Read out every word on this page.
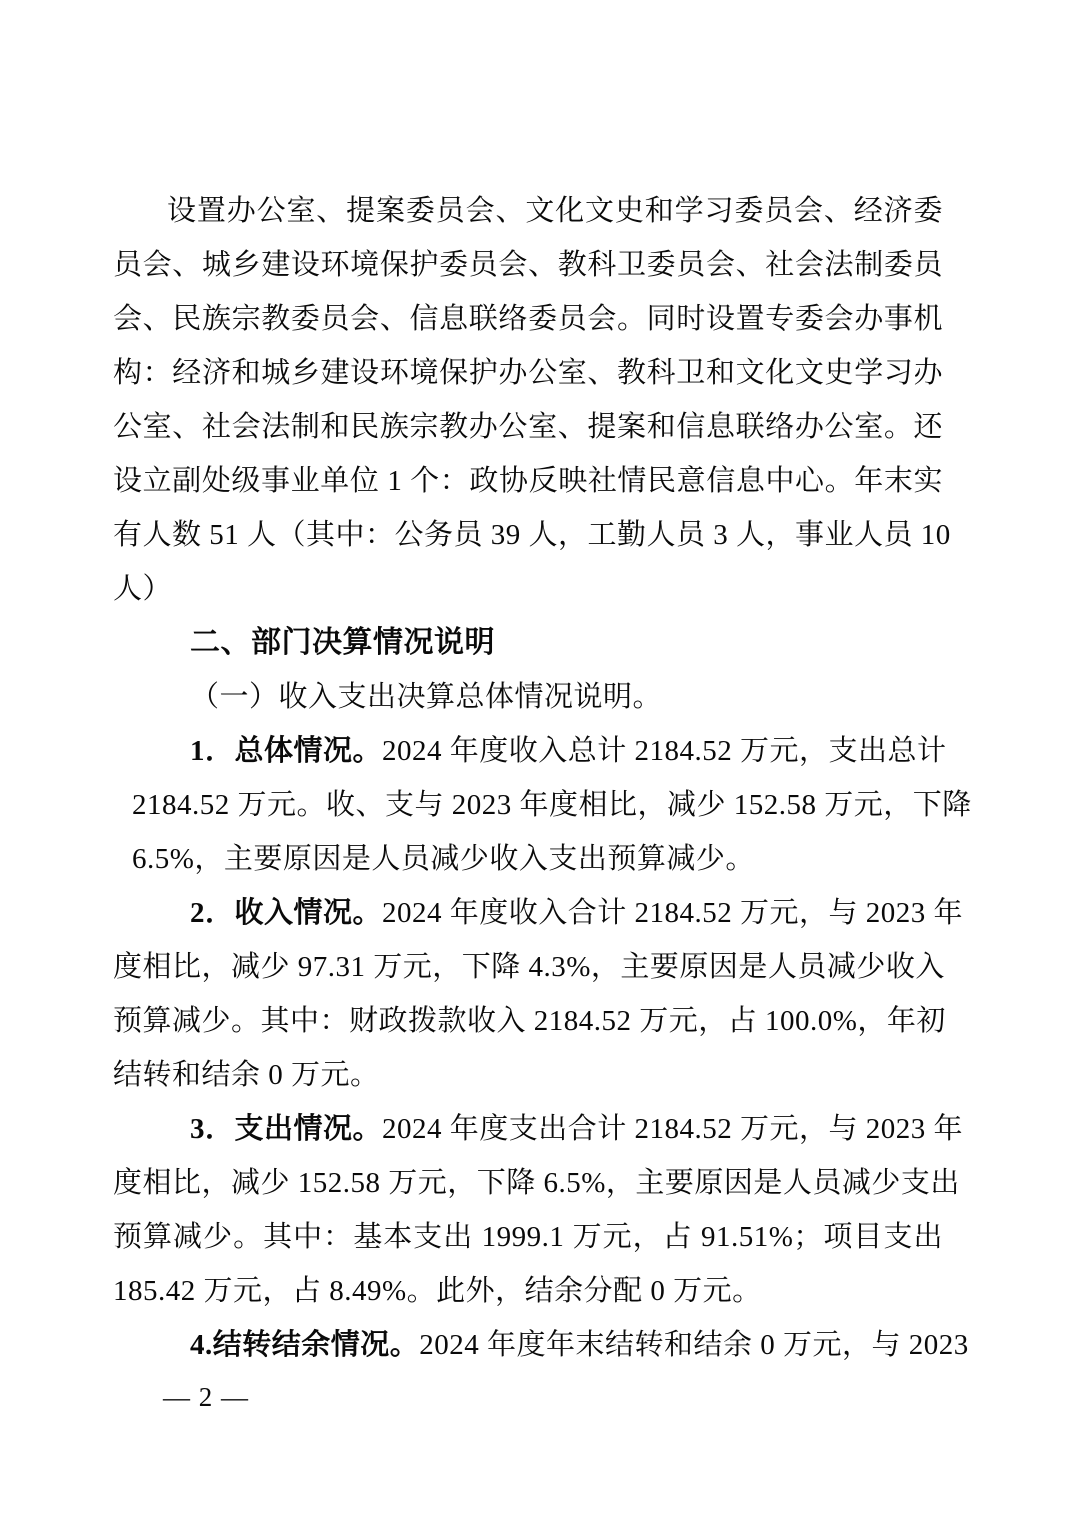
设置办公室、提案委员会、文化文史和学习委员会、经济委
员会、城乡建设环境保护委员会、教科卫委员会、社会法制委员
会、民族宗教委员会、信息联络委员会。同时设置专委会办事机
构：经济和城乡建设环境保护办公室、教科卫和文化文史学习办
公室、社会法制和民族宗教办公室、提案和信息联络办公室。还
设立副处级事业单位 1 个：政协反映社情民意信息中心。年末实
有人数 51 人（其中：公务员 39 人，工勤人员 3 人，事业人员 10
人）
二、部门决算情况说明
（一）收入支出决算总体情况说明。
1．总体情况。2024 年度收入总计 2184.52 万元，支出总计
2184.52 万元。收、支与 2023 年度相比，减少 152.58 万元，下降
6.5%，主要原因是人员减少收入支出预算减少。
2．收入情况。2024 年度收入合计 2184.52 万元，与 2023 年
度相比，减少 97.31 万元，下降 4.3%，主要原因是人员减少收入
预算减少。其中：财政拨款收入 2184.52 万元，占 100.0%，年初
结转和结余 0 万元。
3．支出情况。2024 年度支出合计 2184.52 万元，与 2023 年
度相比，减少 152.58 万元，下降 6.5%，主要原因是人员减少支出
预算减少。其中：基本支出 1999.1 万元，占 91.51%；项目支出
185.42 万元，占 8.49%。此外，结余分配 0 万元。
4.结转结余情况。2024 年度年末结转和结余 0 万元，与 2023
— 2 —
